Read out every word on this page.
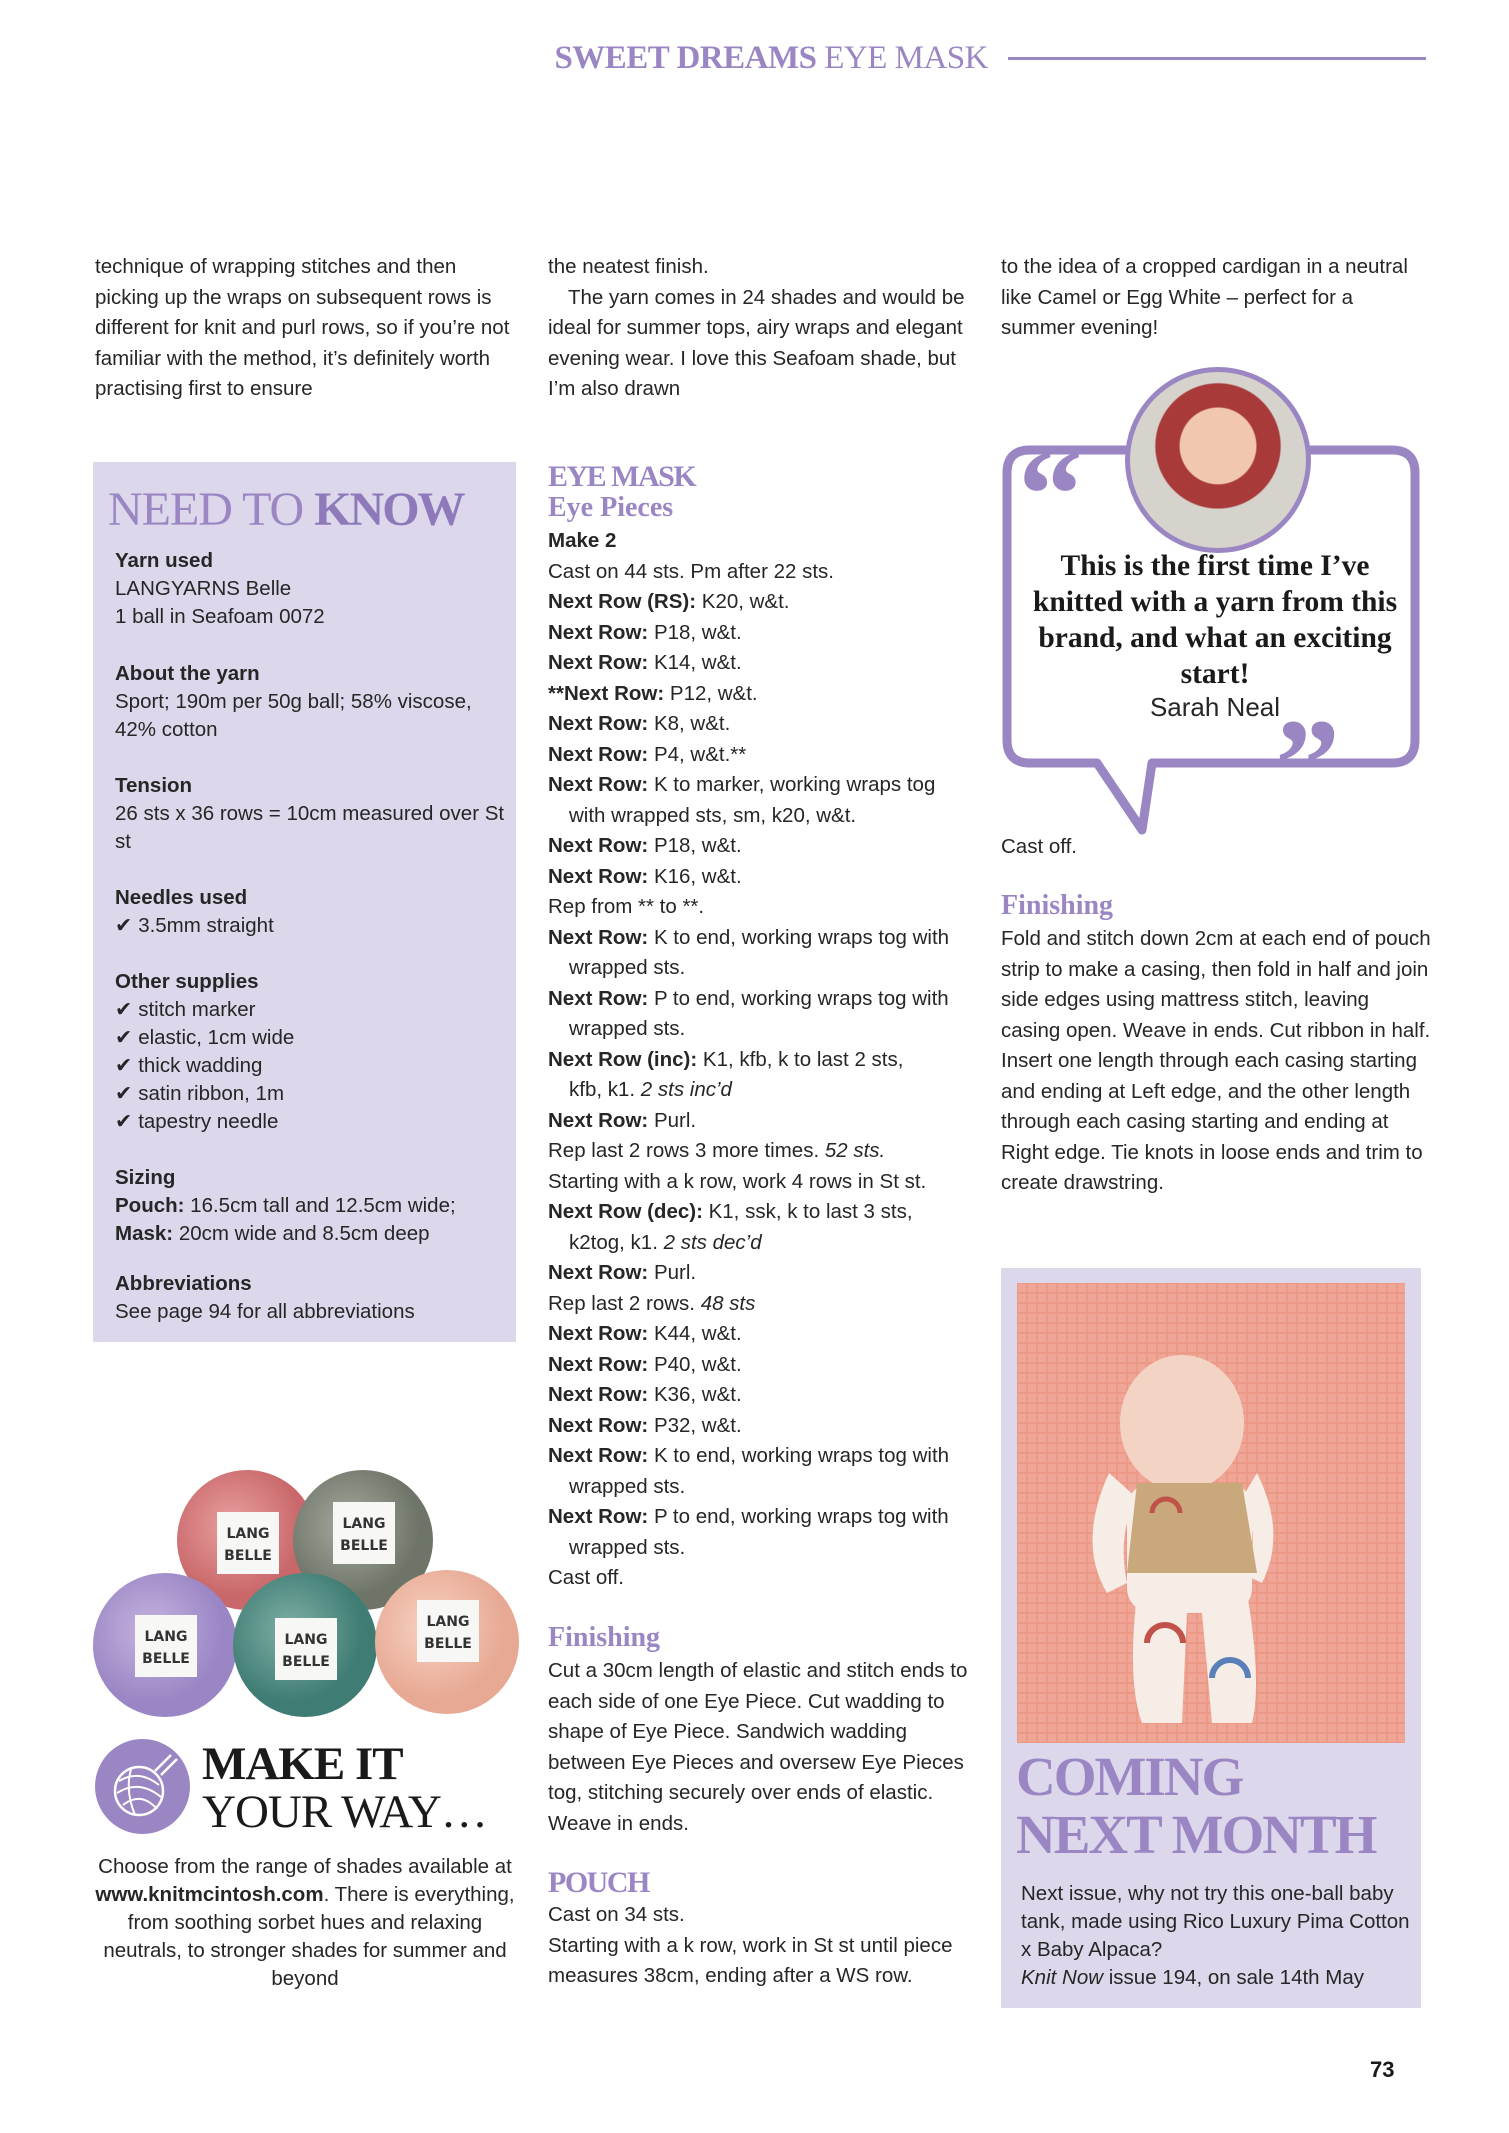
SWEET DREAMS EYE MASK

technique of wrapping stitches and then picking up the wraps on subsequent rows is different for knit and purl rows, so if you’re not familiar with the method, it’s definitely worth practising first to ensure

the neatest finish.

The yarn comes in 24 shades and would be ideal for summer tops, airy wraps and elegant evening wear. I love this Seafoam shade, but I’m also drawn

to the idea of a cropped cardigan in a neutral like Camel or Egg White – perfect for a summer evening!

NEED TO KNOW
Yarn used
LANGYARNS Belle
1 ball in Seafoam 0072
About the yarn
Sport; 190m per 50g ball; 58% viscose, 42% cotton
Tension
26 sts x 36 rows = 10cm measured over St st
Needles used
✔ 3.5mm straight
Other supplies
✔ stitch marker
✔ elastic, 1cm wide
✔ thick wadding
✔ satin ribbon, 1m
✔ tapestry needle
Sizing
Pouch: 16.5cm tall and 12.5cm wide;
Mask: 20cm wide and 8.5cm deep
Abbreviations
See page 94 for all abbreviations
EYE MASK
Eye Pieces
Make 2
Cast on 44 sts. Pm after 22 sts.
Next Row (RS): K20, w&t.
Next Row: P18, w&t.
Next Row: K14, w&t.
**Next Row: P12, w&t.
Next Row: K8, w&t.
Next Row: P4, w&t.**
Next Row: K to marker, working wraps tog
with wrapped sts, sm, k20, w&t.
Next Row: P18, w&t.
Next Row: K16, w&t.
Rep from ** to **.
Next Row: K to end, working wraps tog with
wrapped sts.
Next Row: P to end, working wraps tog with
wrapped sts.
Next Row (inc): K1, kfb, k to last 2 sts,
kfb, k1. 2 sts inc’d
Next Row: Purl.
Rep last 2 rows 3 more times. 52 sts.
Starting with a k row, work 4 rows in St st.
Next Row (dec): K1, ssk, k to last 3 sts,
k2tog, k1. 2 sts dec’d
Next Row: Purl.
Rep last 2 rows. 48 sts
Next Row: K44, w&t.
Next Row: P40, w&t.
Next Row: K36, w&t.
Next Row: P32, w&t.
Next Row: K to end, working wraps tog with
wrapped sts.
Next Row: P to end, working wraps tog with
wrapped sts.
Cast off.
Finishing

Cut a 30cm length of elastic and stitch ends to each side of one Eye Piece. Cut wadding to shape of Eye Piece. Sandwich wadding between Eye Pieces and oversew Eye Pieces tog, stitching securely over ends of elastic. Weave in ends.

POUCH

Cast on 34 sts.

Starting with a k row, work in St st until piece measures 38cm, ending after a WS row.

“
”
This is the first time I’ve knitted with a yarn from this brand, and what an exciting start!
Sarah Neal

Cast off.

Finishing

Fold and stitch down 2cm at each end of pouch strip to make a casing, then fold in half and join side edges using mattress stitch, leaving casing open. Weave in ends. Cut ribbon in half. Insert one length through each casing starting and ending at Left edge, and the other length through each casing starting and ending at Right edge. Tie knots in loose ends and trim to create drawstring.

COMING
NEXT MONTH
Next issue, why not try this one-ball baby tank, made using Rico Luxury Pima Cotton x Baby Alpaca?
Knit Now issue 194, on sale 14th May
LANG
BELLE
LANG
BELLE
LANG
BELLE
LANG
BELLE
LANG
BELLE
MAKE IT
YOUR WAY…
Choose from the range of shades available at www.knitmcintosh.com. There is everything, from soothing sorbet hues and relaxing neutrals, to stronger shades for summer and beyond
73
